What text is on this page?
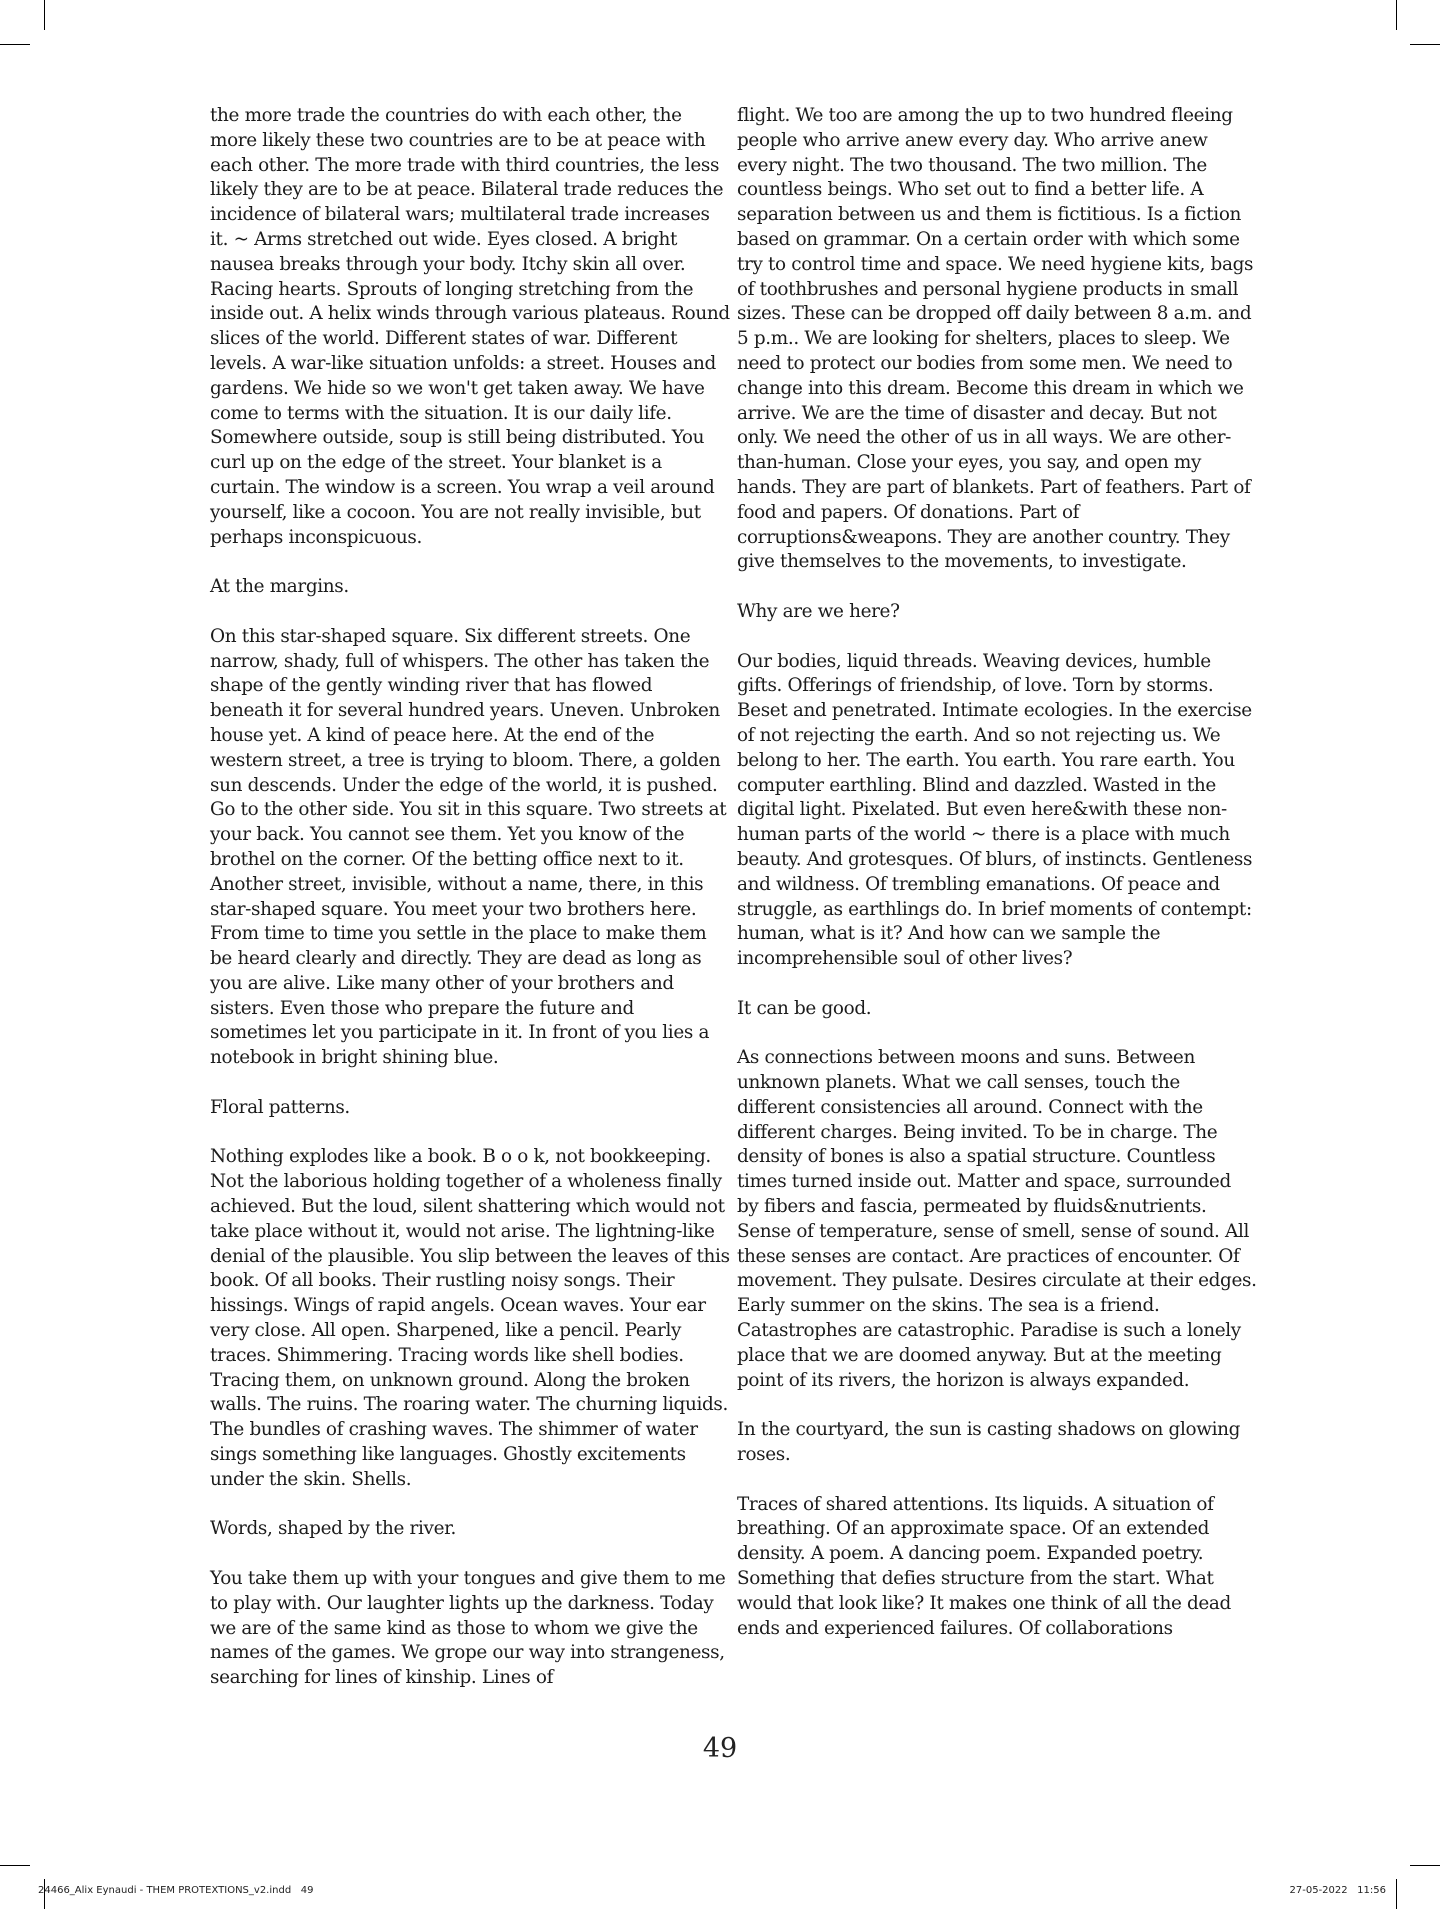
the more trade the countries do with each other, the more likely these two countries are to be at peace with each other. The more trade with third countries, the less likely they are to be at peace. Bilateral trade reduces the incidence of bilateral wars; multilateral trade increases it. ~ Arms stretched out wide. Eyes closed. A bright nausea breaks through your body. Itchy skin all over. Racing hearts. Sprouts of longing stretching from the inside out. A helix winds through various plateaus. Round slices of the world. Different states of war. Different levels. A war-like situation unfolds: a street. Houses and gardens. We hide so we won't get taken away. We have come to terms with the situation. It is our daily life. Somewhere outside, soup is still being distributed. You curl up on the edge of the street. Your blanket is a curtain. The window is a screen. You wrap a veil around yourself, like a cocoon. You are not really invisible, but perhaps inconspicuous.

At the margins.

On this star-shaped square. Six different streets. One narrow, shady, full of whispers. The other has taken the shape of the gently winding river that has flowed beneath it for several hundred years. Uneven. Unbroken house yet. A kind of peace here. At the end of the western street, a tree is trying to bloom. There, a golden sun descends. Under the edge of the world, it is pushed. Go to the other side. You sit in this square. Two streets at your back. You cannot see them. Yet you know of the brothel on the corner. Of the betting office next to it. Another street, invisible, without a name, there, in this star-shaped square. You meet your two brothers here. From time to time you settle in the place to make them be heard clearly and directly. They are dead as long as you are alive. Like many other of your brothers and sisters. Even those who prepare the future and sometimes let you participate in it. In front of you lies a notebook in bright shining blue.

Floral patterns.

Nothing explodes like a book. B o o k, not bookkeeping. Not the laborious holding together of a wholeness finally achieved. But the loud, silent shattering which would not take place without it, would not arise. The lightning-like denial of the plausible. You slip between the leaves of this book. Of all books. Their rustling noisy songs. Their hissings. Wings of rapid angels. Ocean waves. Your ear very close. All open. Sharpened, like a pencil. Pearly traces. Shimmering. Tracing words like shell bodies. Tracing them, on unknown ground. Along the broken walls. The ruins. The roaring water. The churning liquids. The bundles of crashing waves. The shimmer of water sings something like languages. Ghostly excitements under the skin. Shells.

Words, shaped by the river.

You take them up with your tongues and give them to me to play with. Our laughter lights up the darkness. Today we are of the same kind as those to whom we give the names of the games. We grope our way into strangeness, searching for lines of kinship. Lines of

flight. We too are among the up to two hundred fleeing people who arrive anew every day. Who arrive anew every night. The two thousand. The two million. The countless beings. Who set out to find a better life. A separation between us and them is fictitious. Is a fiction based on grammar. On a certain order with which some try to control time and space. We need hygiene kits, bags of toothbrushes and personal hygiene products in small sizes. These can be dropped off daily between 8 a.m. and 5 p.m.. We are looking for shelters, places to sleep. We need to protect our bodies from some men. We need to change into this dream. Become this dream in which we arrive. We are the time of disaster and decay. But not only. We need the other of us in all ways. We are other-than-human. Close your eyes, you say, and open my hands. They are part of blankets. Part of feathers. Part of food and papers. Of donations. Part of corruptions&weapons. They are another country. They give themselves to the movements, to investigate.

Why are we here?

Our bodies, liquid threads. Weaving devices, humble gifts. Offerings of friendship, of love. Torn by storms. Beset and penetrated. Intimate ecologies. In the exercise of not rejecting the earth. And so not rejecting us. We belong to her. The earth. You earth. You rare earth. You computer earthling. Blind and dazzled. Wasted in the digital light. Pixelated. But even here&with these non-human parts of the world ~ there is a place with much beauty. And grotesques. Of blurs, of instincts. Gentleness and wildness. Of trembling emanations. Of peace and struggle, as earthlings do. In brief moments of contempt: human, what is it? And how can we sample the incomprehensible soul of other lives?

It can be good.

As connections between moons and suns. Between unknown planets. What we call senses, touch the different consistencies all around. Connect with the different charges. Being invited. To be in charge. The density of bones is also a spatial structure. Countless times turned inside out. Matter and space, surrounded by fibers and fascia, permeated by fluids&nutrients. Sense of temperature, sense of smell, sense of sound. All these senses are contact. Are practices of encounter. Of movement. They pulsate. Desires circulate at their edges. Early summer on the skins. The sea is a friend. Catastrophes are catastrophic. Paradise is such a lonely place that we are doomed anyway. But at the meeting point of its rivers, the horizon is always expanded.

In the courtyard, the sun is casting shadows on glowing roses.

Traces of shared attentions. Its liquids. A situation of breathing. Of an approximate space. Of an extended density. A poem. A dancing poem. Expanded poetry. Something that defies structure from the start. What would that look like? It makes one think of all the dead ends and experienced failures. Of collaborations

49
24466_Alix Eynaudi - THEM PROTEXTIONS_v2.indd   49	27-05-2022   11:56
